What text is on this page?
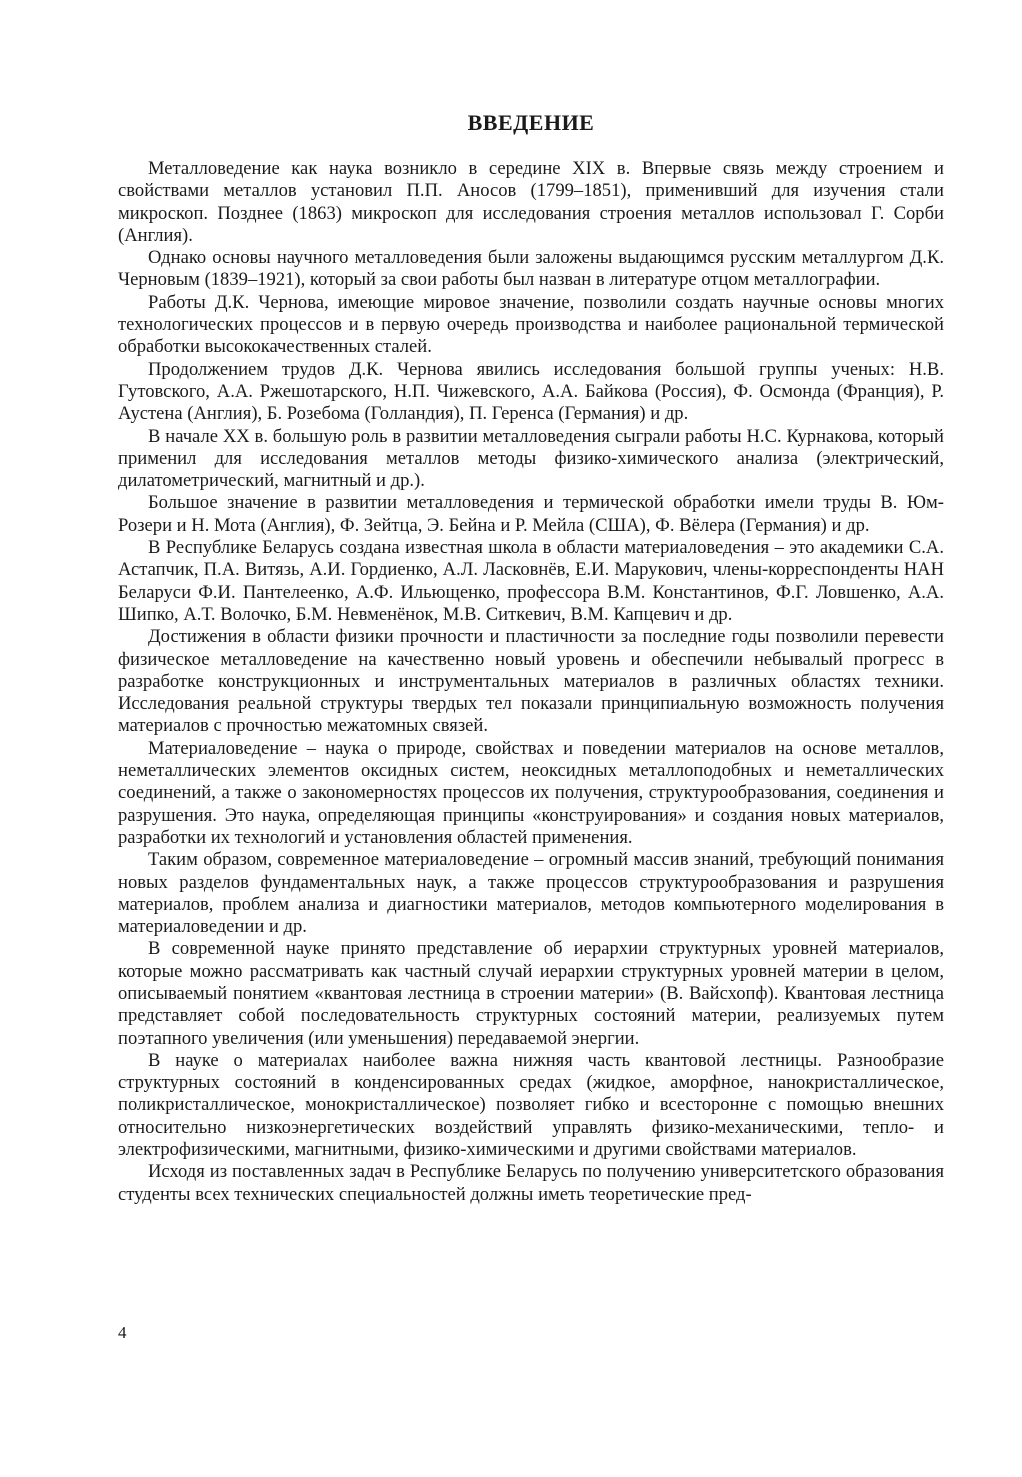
ВВЕДЕНИЕ

Металловедение как наука возникло в середине XIX в. Впервые связь между строением и свойствами металлов установил П.П. Аносов (1799–1851), применивший для изучения стали микроскоп. Позднее (1863) микроскоп для исследования строения металлов использовал Г. Сорби (Англия).

Однако основы научного металловедения были заложены выдающимся русским металлургом Д.К. Черновым (1839–1921), который за свои работы был назван в литературе отцом металлографии.

Работы Д.К. Чернова, имеющие мировое значение, позволили создать научные основы многих технологических процессов и в первую очередь производства и наиболее рациональной термической обработки высококачественных сталей.

Продолжением трудов Д.К. Чернова явились исследования большой группы ученых: Н.В. Гутовского, А.А. Ржешотарского, Н.П. Чижевского, А.А. Байкова (Россия), Ф. Осмонда (Франция), Р. Аустена (Англия), Б. Розебома (Голландия), П. Геренса (Германия) и др.

В начале XX в. большую роль в развитии металловедения сыграли работы Н.С. Курнакова, который применил для исследования металлов методы физико-химического анализа (электрический, дилатометрический, магнитный и др.).

Большое значение в развитии металловедения и термической обработки имели труды В. Юм-Розери и Н. Мота (Англия), Ф. Зейтца, Э. Бейна и Р. Мейла (США), Ф. Вёлера (Германия) и др.

В Республике Беларусь создана известная школа в области материаловедения – это академики С.А. Астапчик, П.А. Витязь, А.И. Гордиенко, А.Л. Ласковнёв, Е.И. Марукович, члены-корреспонденты НАН Беларуси Ф.И. Пантелеенко, А.Ф. Ильющенко, профессора В.М. Константинов, Ф.Г. Ловшенко, А.А. Шипко, А.Т. Волочко, Б.М. Невменёнок, М.В. Ситкевич, В.М. Капцевич и др.

Достижения в области физики прочности и пластичности за последние годы позволили перевести физическое металловедение на качественно новый уровень и обеспечили небывалый прогресс в разработке конструкционных и инструментальных материалов в различных областях техники. Исследования реальной структуры твердых тел показали принципиальную возможность получения материалов с прочностью межатомных связей.

Материаловедение – наука о природе, свойствах и поведении материалов на основе металлов, неметаллических элементов оксидных систем, неоксидных металлоподобных и неметаллических соединений, а также о закономерностях процессов их получения, структурообразования, соединения и разрушения. Это наука, определяющая принципы «конструирования» и создания новых материалов, разработки их технологий и установления областей применения.

Таким образом, современное материаловедение – огромный массив знаний, требующий понимания новых разделов фундаментальных наук, а также процессов структурообразования и разрушения материалов, проблем анализа и диагностики материалов, методов компьютерного моделирования в материаловедении и др.

В современной науке принято представление об иерархии структурных уровней материалов, которые можно рассматривать как частный случай иерархии структурных уровней материи в целом, описываемый понятием «квантовая лестница в строении материи» (В. Вайсхопф). Квантовая лестница представляет собой последовательность структурных состояний материи, реализуемых путем поэтапного увеличения (или уменьшения) передаваемой энергии.

В науке о материалах наиболее важна нижняя часть квантовой лестницы. Разнообразие структурных состояний в конденсированных средах (жидкое, аморфное, нанокристаллическое, поликристаллическое, монокристаллическое) позволяет гибко и всесторонне с помощью внешних относительно низкоэнергетических воздействий управлять физико-механическими, тепло- и электрофизическими, магнитными, физико-химическими и другими свойствами материалов.

Исходя из поставленных задач в Республике Беларусь по получению университетского образования студенты всех технических специальностей должны иметь теоретические пред-

4
